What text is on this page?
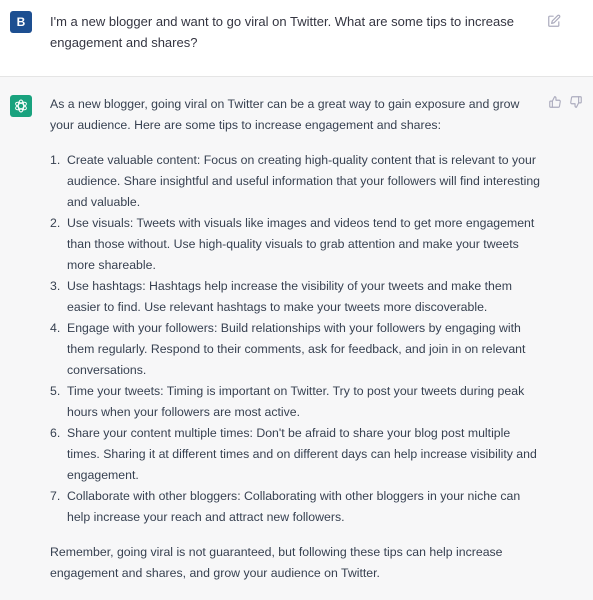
B	I'm a new blogger and want to go viral on Twitter. What are some tips to increase engagement and shares?

As a new blogger, going viral on Twitter can be a great way to gain exposure and grow your audience. Here are some tips to increase engagement and shares:

1. Create valuable content: Focus on creating high-quality content that is relevant to your audience. Share insightful and useful information that your followers will find interesting and valuable.
2. Use visuals: Tweets with visuals like images and videos tend to get more engagement than those without. Use high-quality visuals to grab attention and make your tweets more shareable.
3. Use hashtags: Hashtags help increase the visibility of your tweets and make them easier to find. Use relevant hashtags to make your tweets more discoverable.
4. Engage with your followers: Build relationships with your followers by engaging with them regularly. Respond to their comments, ask for feedback, and join in on relevant conversations.
5. Time your tweets: Timing is important on Twitter. Try to post your tweets during peak hours when your followers are most active.
6. Share your content multiple times: Don't be afraid to share your blog post multiple times. Sharing it at different times and on different days can help increase visibility and engagement.
7. Collaborate with other bloggers: Collaborating with other bloggers in your niche can help increase your reach and attract new followers.

Remember, going viral is not guaranteed, but following these tips can help increase engagement and shares, and grow your audience on Twitter.
